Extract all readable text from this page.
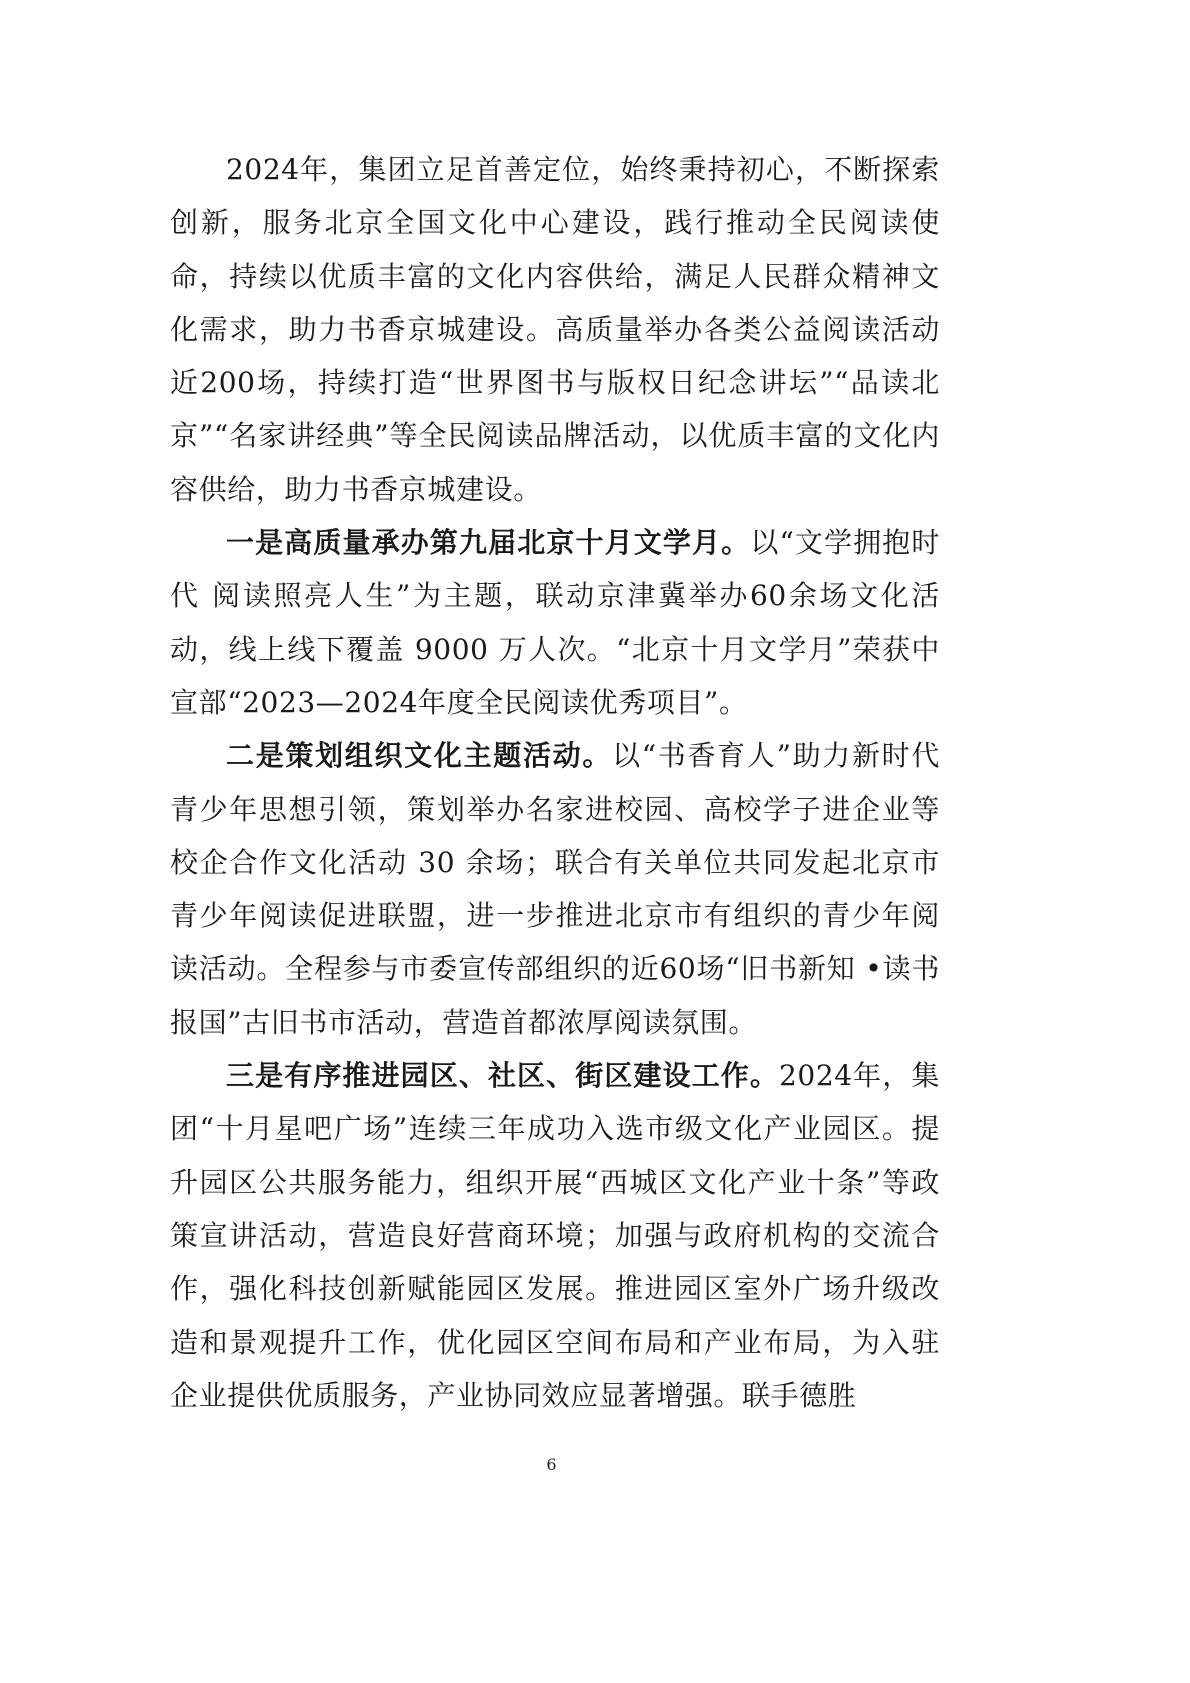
2024年，集团立足首善定位，始终秉持初心，不断探索创新，服务北京全国文化中心建设，践行推动全民阅读使命，持续以优质丰富的文化内容供给，满足人民群众精神文化需求，助力书香京城建设。高质量举办各类公益阅读活动近200场，持续打造“世界图书与版权日纪念讲坛”“品读北京”“名家讲经典”等全民阅读品牌活动，以优质丰富的文化内容供给，助力书香京城建设。

一是高质量承办第九届北京十月文学月。以“文学拥抱时代 阅读照亮人生”为主题，联动京津冀举办60余场文化活动，线上线下覆盖 9000 万人次。“北京十月文学月”荣获中宣部“2023—2024年度全民阅读优秀项目”。

二是策划组织文化主题活动。以“书香育人”助力新时代青少年思想引领，策划举办名家进校园、高校学子进企业等校企合作文化活动 30 余场；联合有关单位共同发起北京市青少年阅读促进联盟，进一步推进北京市有组织的青少年阅读活动。全程参与市委宣传部组织的近60场“旧书新知 •读书报国”古旧书市活动，营造首都浓厚阅读氛围。

三是有序推进园区、社区、街区建设工作。2024年，集团“十月星吧广场”连续三年成功入选市级文化产业园区。提升园区公共服务能力，组织开展“西城区文化产业十条”等政策宣讲活动，营造良好营商环境；加强与政府机构的交流合作，强化科技创新赋能园区发展。推进园区室外广场升级改造和景观提升工作，优化园区空间布局和产业布局，为入驻企业提供优质服务，产业协同效应显著增强。联手德胜

6
